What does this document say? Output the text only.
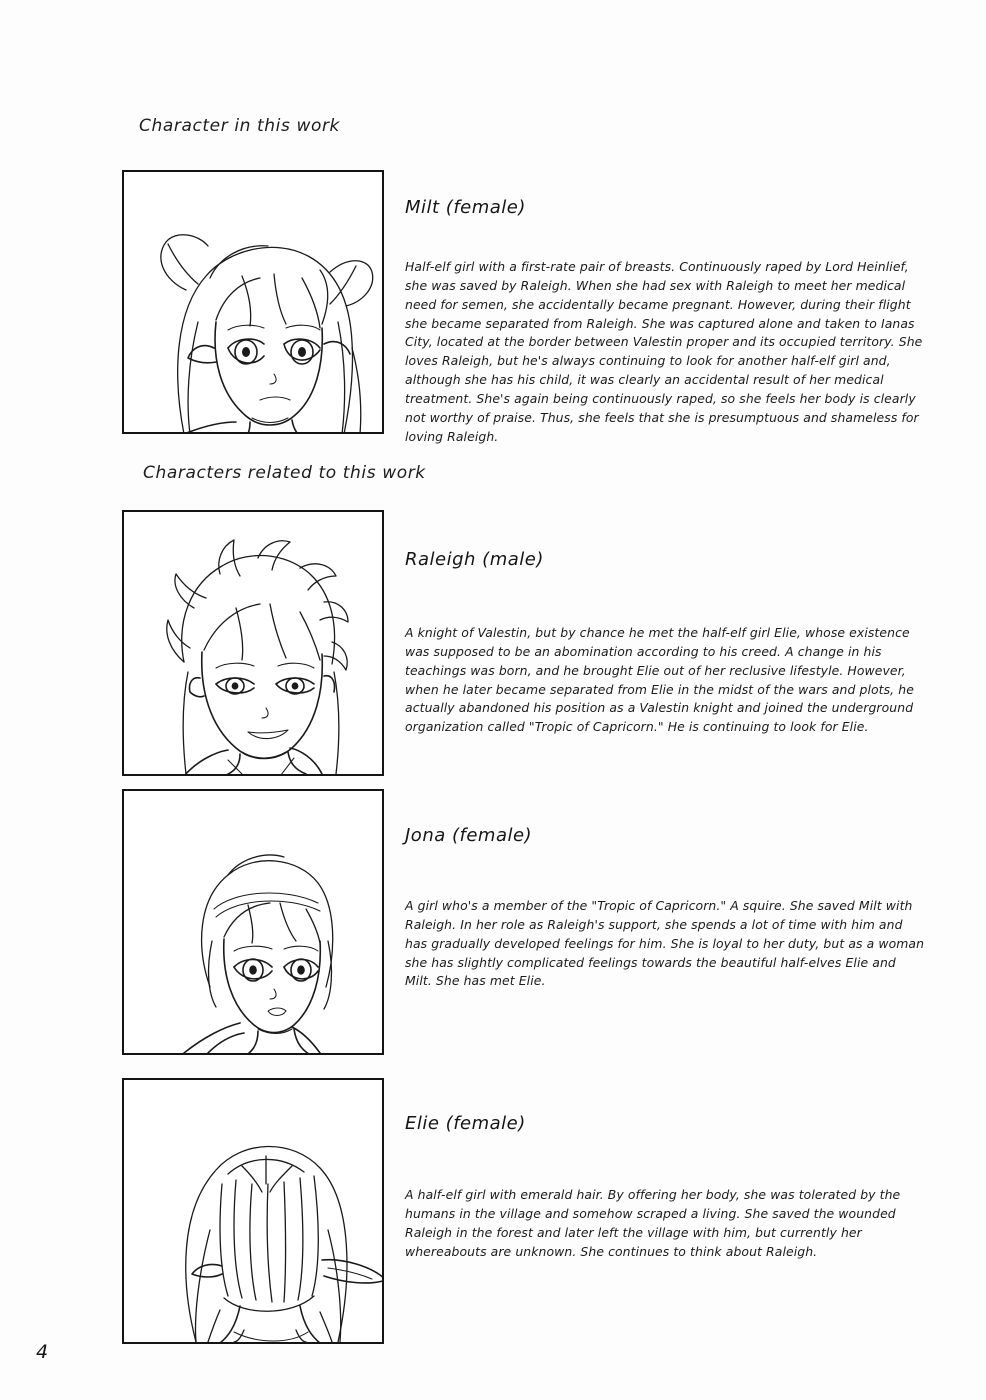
Character in this work
Milt (female)
Half-elf girl with a first-rate pair of breasts. Continuously raped by Lord Heinlief, she was saved by Raleigh. When she had sex with Raleigh to meet her medical need for semen, she accidentally became pregnant. However, during their flight she became separated from Raleigh. She was captured alone and taken to Ianas City, located at the border between Valestin proper and its occupied territory. She loves Raleigh, but he's always continuing to look for another half-elf girl and, although she has his child, it was clearly an accidental result of her medical treatment. She's again being continuously raped, so she feels her body is clearly not worthy of praise. Thus, she feels that she is presumptuous and shameless for loving Raleigh.
Characters related to this work
Raleigh (male)
A knight of Valestin, but by chance he met the half-elf girl Elie, whose existence was supposed to be an abomination according to his creed. A change in his teachings was born, and he brought Elie out of her reclusive lifestyle. However, when he later became separated from Elie in the midst of the wars and plots, he actually abandoned his position as a Valestin knight and joined the underground organization called "Tropic of Capricorn." He is continuing to look for Elie.
Jona (female)
A girl who's a member of the "Tropic of Capricorn." A squire. She saved Milt with Raleigh. In her role as Raleigh's support, she spends a lot of time with him and has gradually developed feelings for him. She is loyal to her duty, but as a woman she has slightly complicated feelings towards the beautiful half-elves Elie and Milt. She has met Elie.
Elie (female)
A half-elf girl with emerald hair. By offering her body, she was tolerated by the humans in the village and somehow scraped a living. She saved the wounded Raleigh in the forest and later left the village with him, but currently her whereabouts are unknown. She continues to think about Raleigh.
4
